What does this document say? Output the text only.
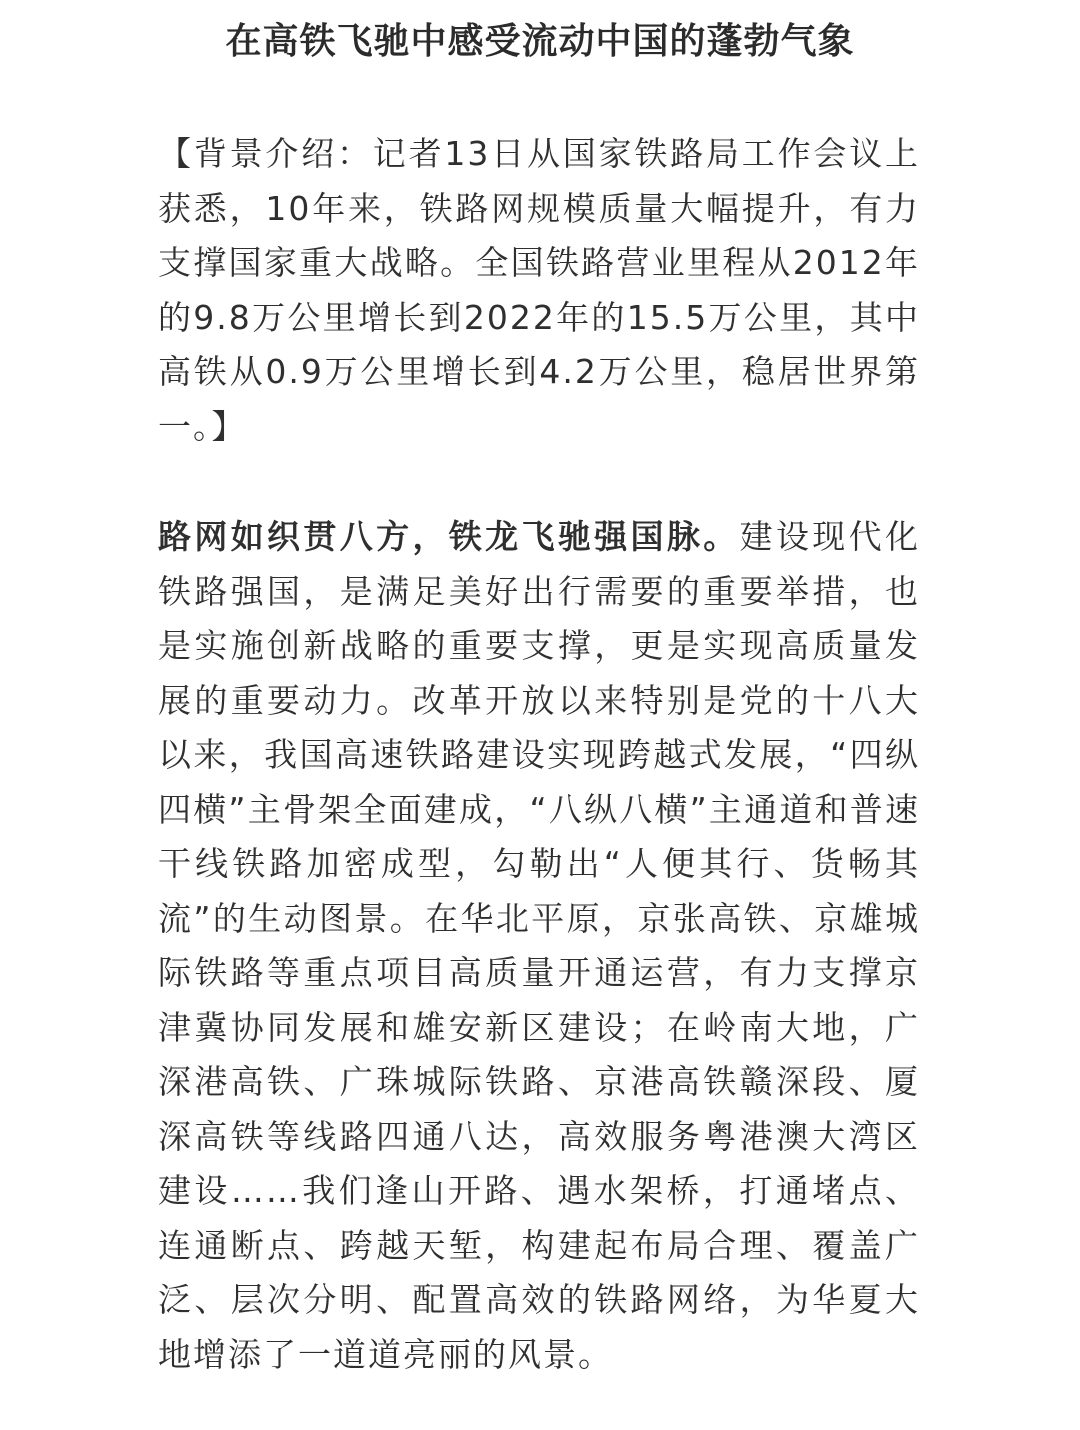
在高铁飞驰中感受流动中国的蓬勃气象

【背景介绍：记者13日从国家铁路局工作会议上获悉，10年来，铁路网规模质量大幅提升，有力支撑国家重大战略。全国铁路营业里程从2012年的9.8万公里增长到2022年的15.5万公里，其中高铁从0.9万公里增长到4.2万公里，稳居世界第一。】

路网如织贯八方，铁龙飞驰强国脉。建设现代化铁路强国，是满足美好出行需要的重要举措，也是实施创新战略的重要支撑，更是实现高质量发展的重要动力。改革开放以来特别是党的十八大以来，我国高速铁路建设实现跨越式发展，“四纵四横”主骨架全面建成，“八纵八横”主通道和普速干线铁路加密成型，勾勒出“人便其行、货畅其流”的生动图景。在华北平原，京张高铁、京雄城际铁路等重点项目高质量开通运营，有力支撑京津冀协同发展和雄安新区建设；在岭南大地，广深港高铁、广珠城际铁路、京港高铁赣深段、厦深高铁等线路四通八达，高效服务粤港澳大湾区建设……我们逢山开路、遇水架桥，打通堵点、连通断点、跨越天堑，构建起布局合理、覆盖广泛、层次分明、配置高效的铁路网络，为华夏大地增添了一道道亮丽的风景。
